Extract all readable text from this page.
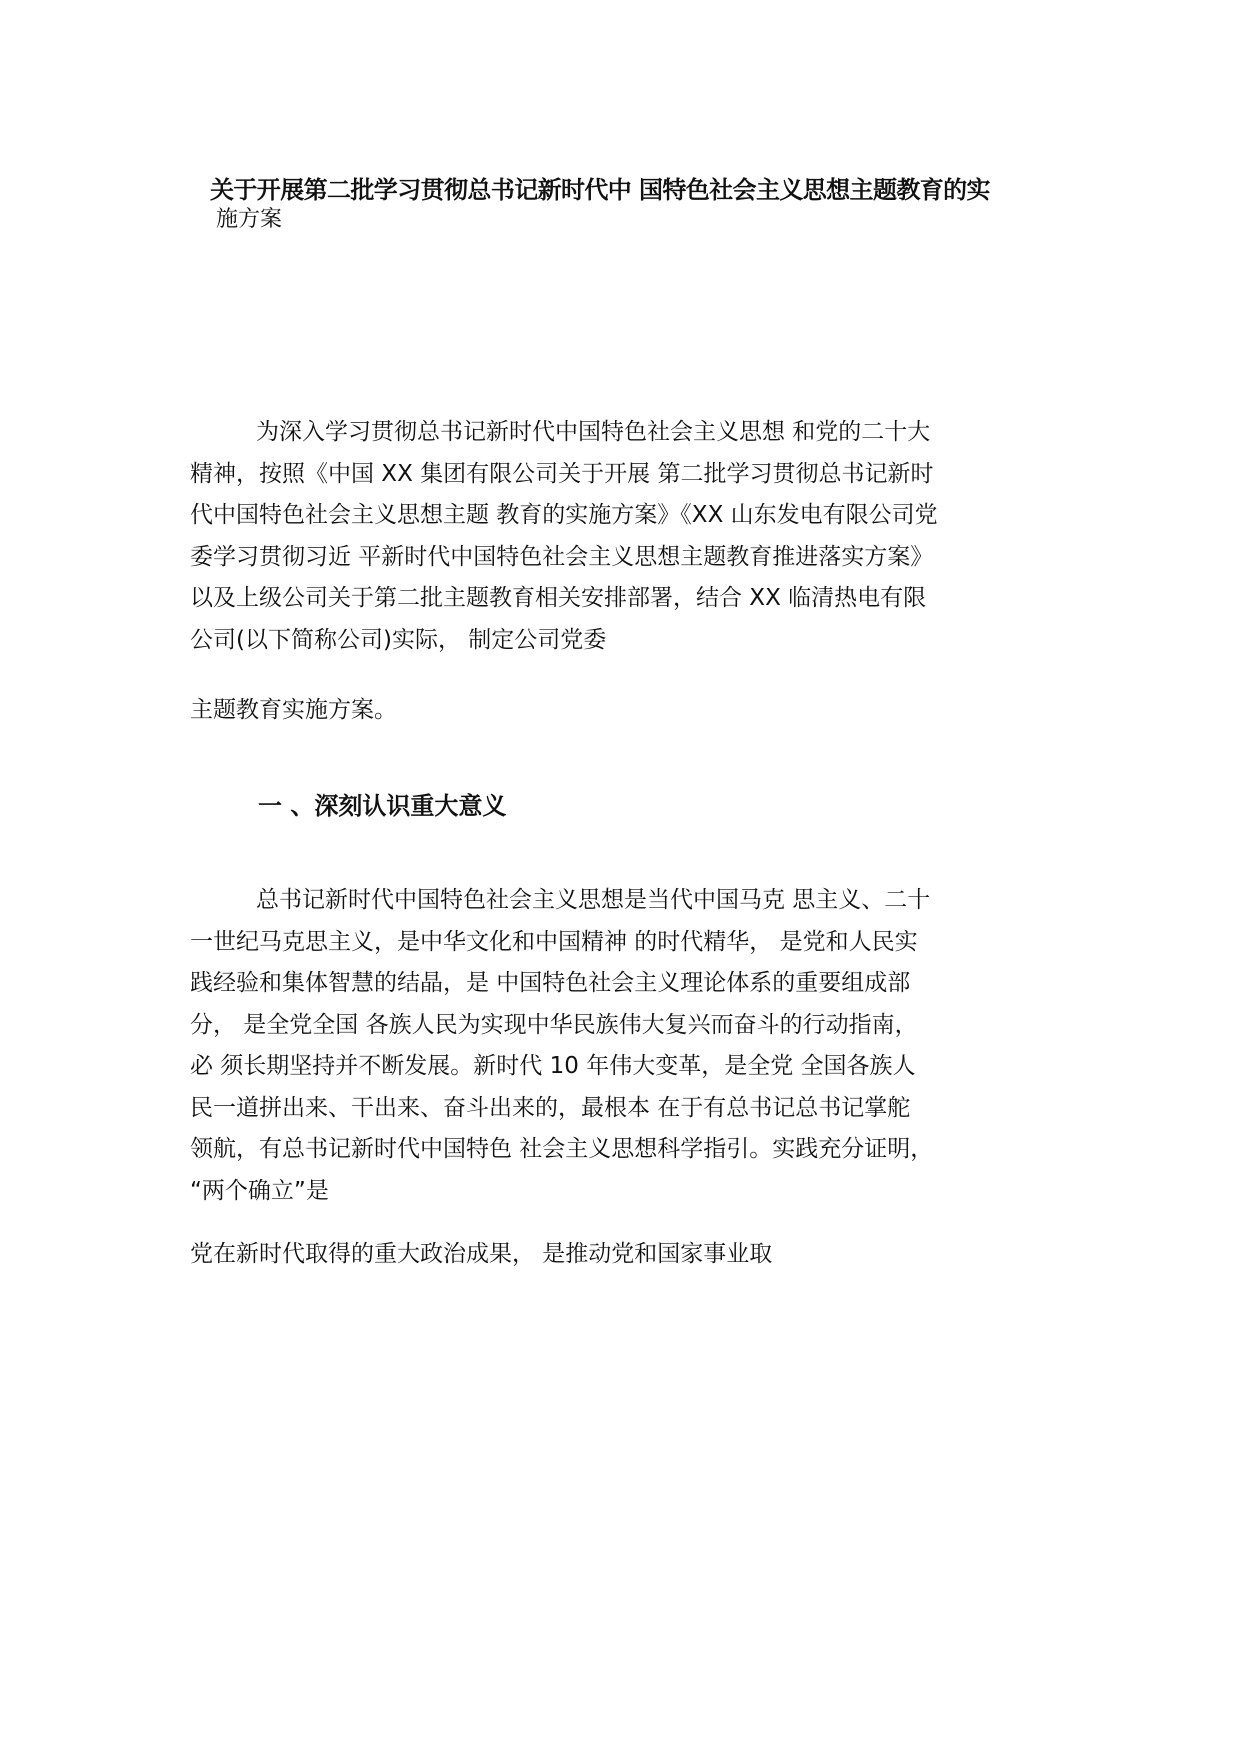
关于开展第二批学习贯彻总书记新时代中 国特色社会主义思想主题教育的实
施方案
为深入学习贯彻总书记新时代中国特色社会主义思想 和党的二十大
精神，按照《中国 XX 集团有限公司关于开展 第二批学习贯彻总书记新时
代中国特色社会主义思想主题 教育的实施方案》《XX 山东发电有限公司党
委学习贯彻习近 平新时代中国特色社会主义思想主题教育推进落实方案》
以及上级公司关于第二批主题教育相关安排部署，结合 XX 临清热电有限
公司(以下简称公司)实际， 制定公司党委
主题教育实施方案。
一 、深刻认识重大意义
总书记新时代中国特色社会主义思想是当代中国马克 思主义、二十
一世纪马克思主义，是中华文化和中国精神 的时代精华， 是党和人民实
践经验和集体智慧的结晶，是 中国特色社会主义理论体系的重要组成部
分， 是全党全国 各族人民为实现中华民族伟大复兴而奋斗的行动指南，
必 须长期坚持并不断发展。新时代 10 年伟大变革，是全党 全国各族人
民一道拼出来、干出来、奋斗出来的，最根本 在于有总书记总书记掌舵
领航，有总书记新时代中国特色 社会主义思想科学指引。实践充分证明，
“两个确立”是
党在新时代取得的重大政治成果， 是推动党和国家事业取
